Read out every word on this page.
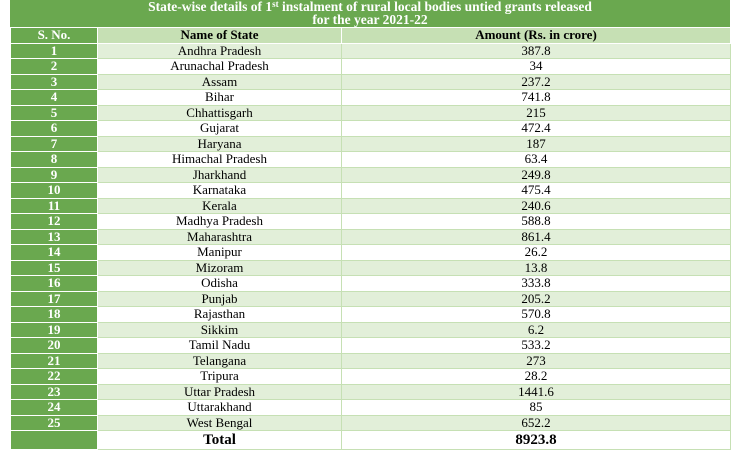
State-wise details of 1st instalment of rural local bodies untied grants released
for the year 2021-22
S. No.	Name of State	Amount (Rs. in crore)
1	Andhra Pradesh	387.8
2	Arunachal Pradesh	34
3	Assam	237.2
4	Bihar	741.8
5	Chhattisgarh	215
6	Gujarat	472.4
7	Haryana	187
8	Himachal Pradesh	63.4
9	Jharkhand	249.8
10	Karnataka	475.4
11	Kerala	240.6
12	Madhya Pradesh	588.8
13	Maharashtra	861.4
14	Manipur	26.2
15	Mizoram	13.8
16	Odisha	333.8
17	Punjab	205.2
18	Rajasthan	570.8
19	Sikkim	6.2
20	Tamil Nadu	533.2
21	Telangana	273
22	Tripura	28.2
23	Uttar Pradesh	1441.6
24	Uttarakhand	85
25	West Bengal	652.2
	Total	8923.8
